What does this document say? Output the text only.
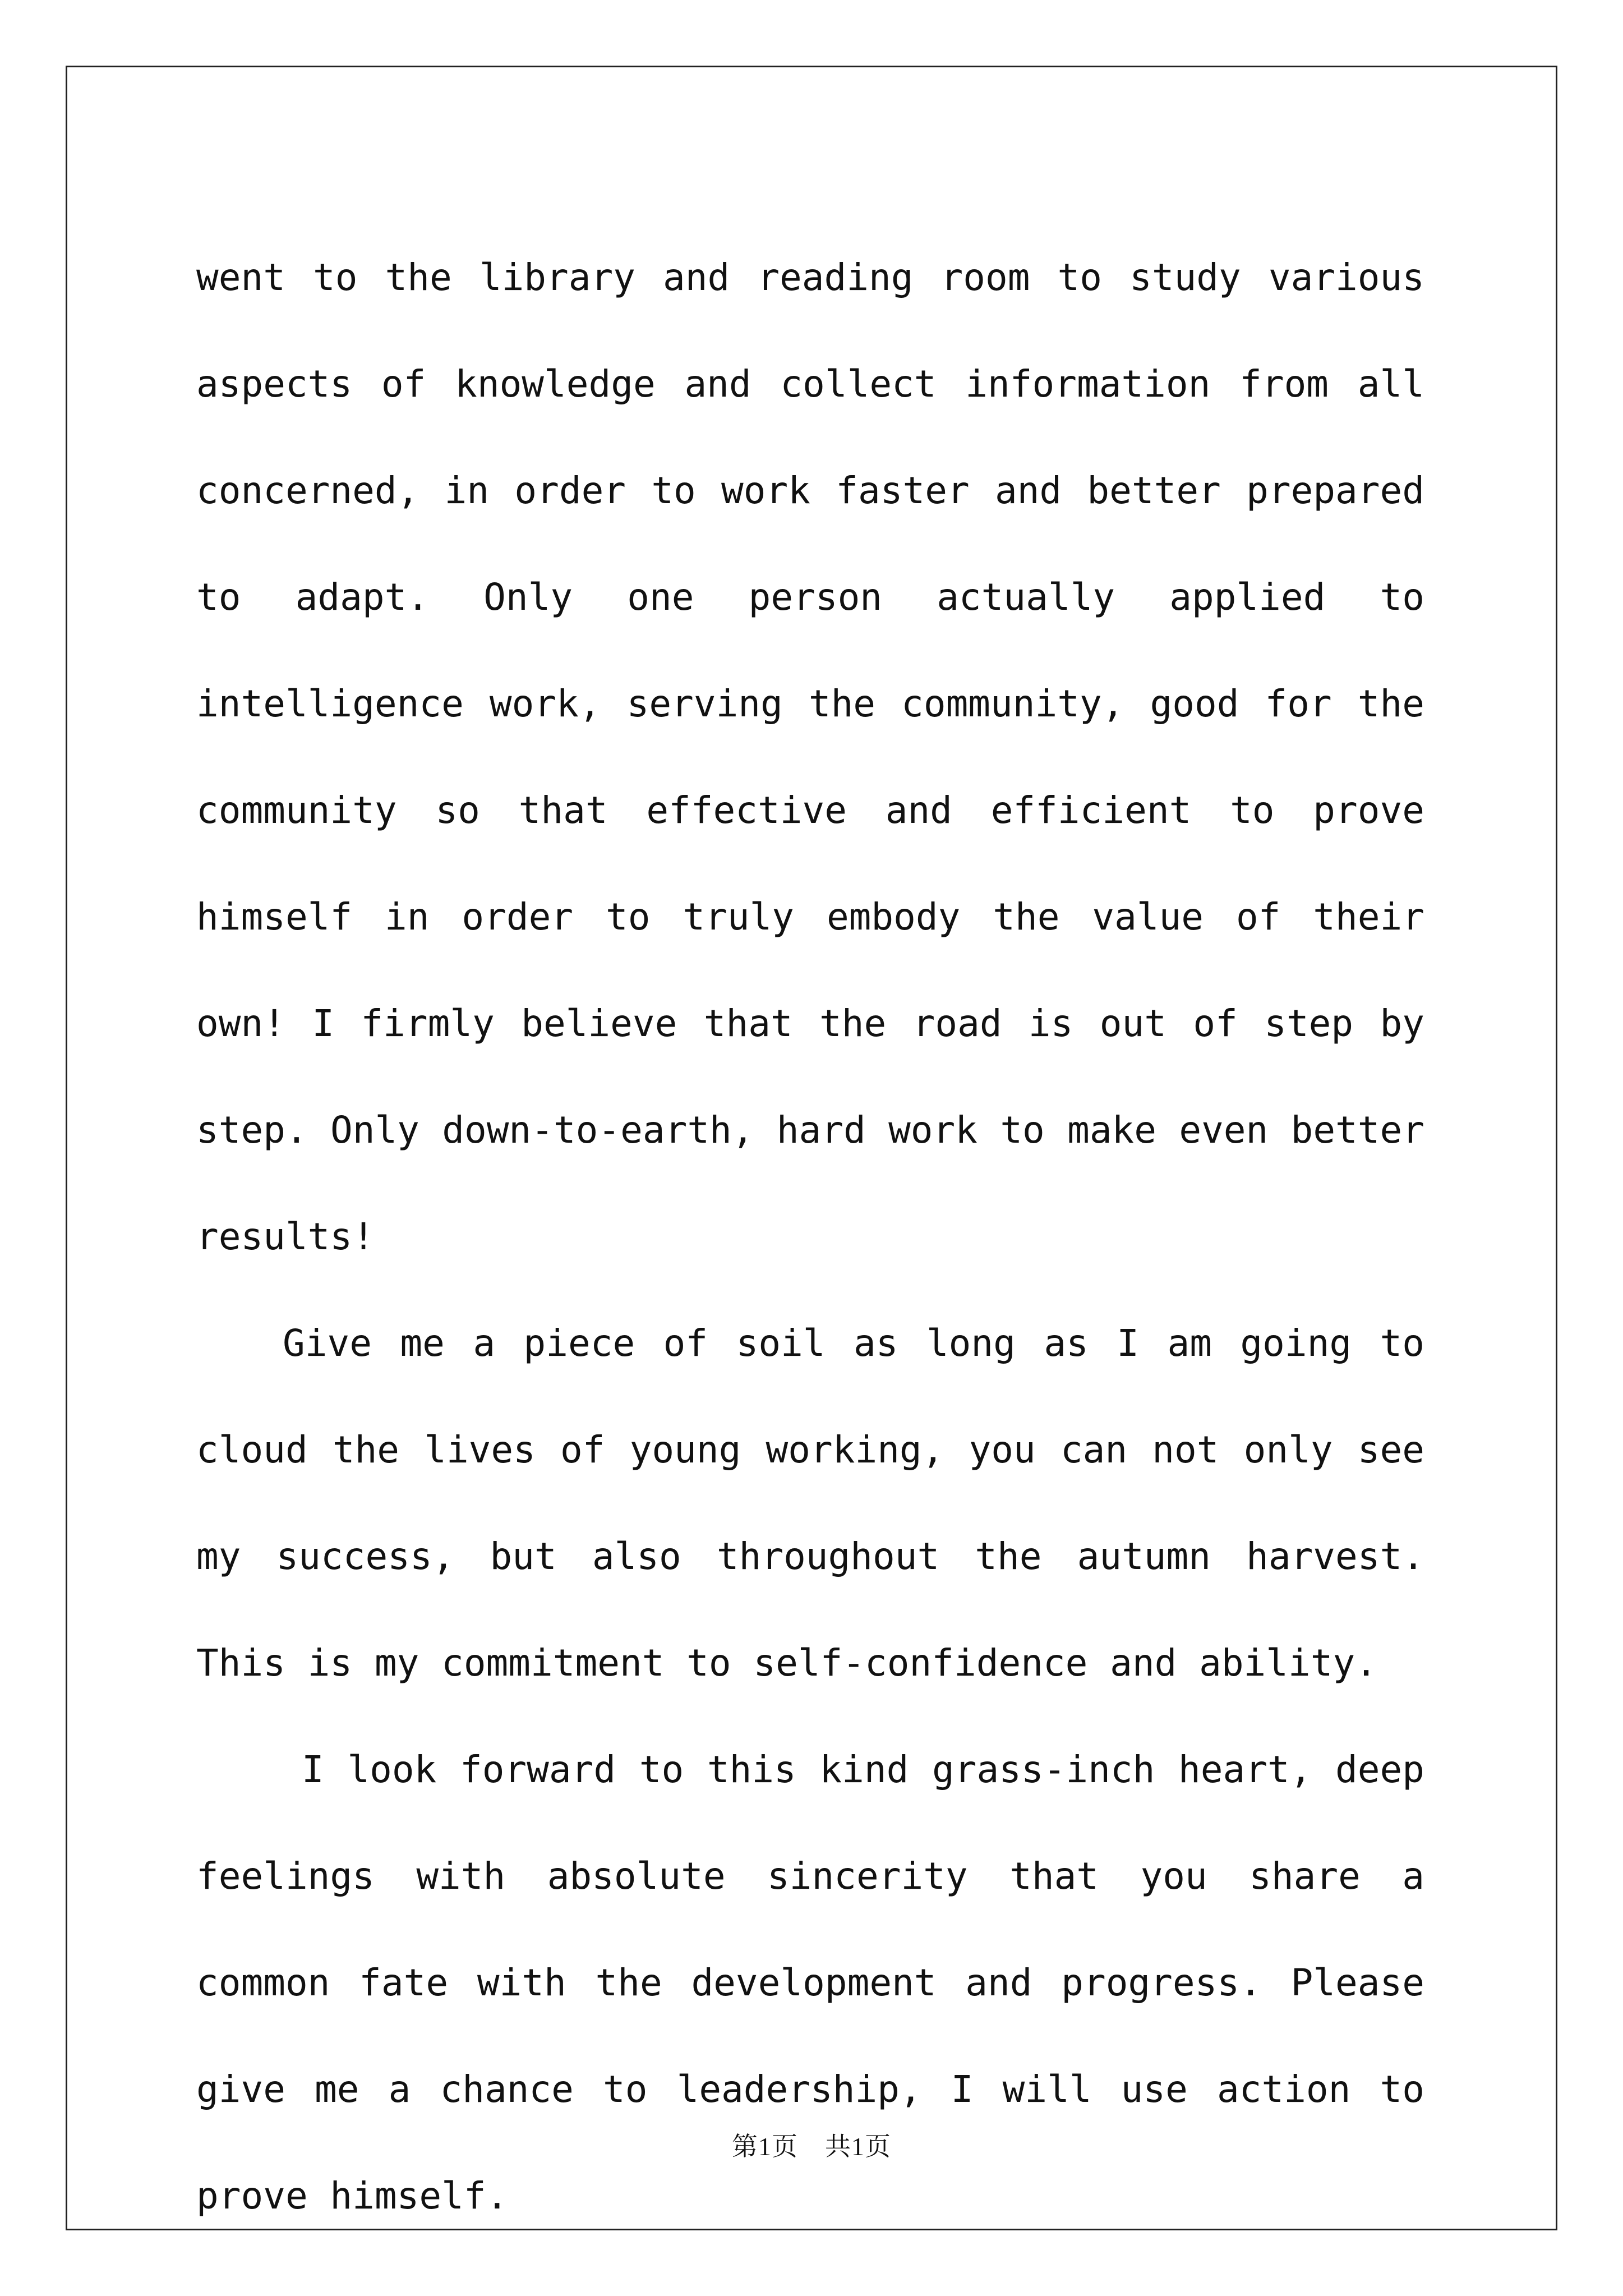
went to the library and reading room to study various aspects of knowledge and collect information from all concerned, in order to work faster and better prepared to adapt. Only one person actually applied to intelligence work, serving the community, good for the community so that effective and efficient to prove himself in order to truly embody the value of their own! I firmly believe that the road is out of step by step. Only down-to-earth, hard work to make even better results!

Give me a piece of soil as long as I am going to cloud the lives of young working, you can not only see my success, but also throughout the autumn harvest. This is my commitment to self-confidence and ability.

I look forward to this kind grass-inch heart, deep feelings with absolute sincerity that you share a common fate with the development and progress. Please give me a chance to leadership, I will use action to prove himself.

第1页 共1页
